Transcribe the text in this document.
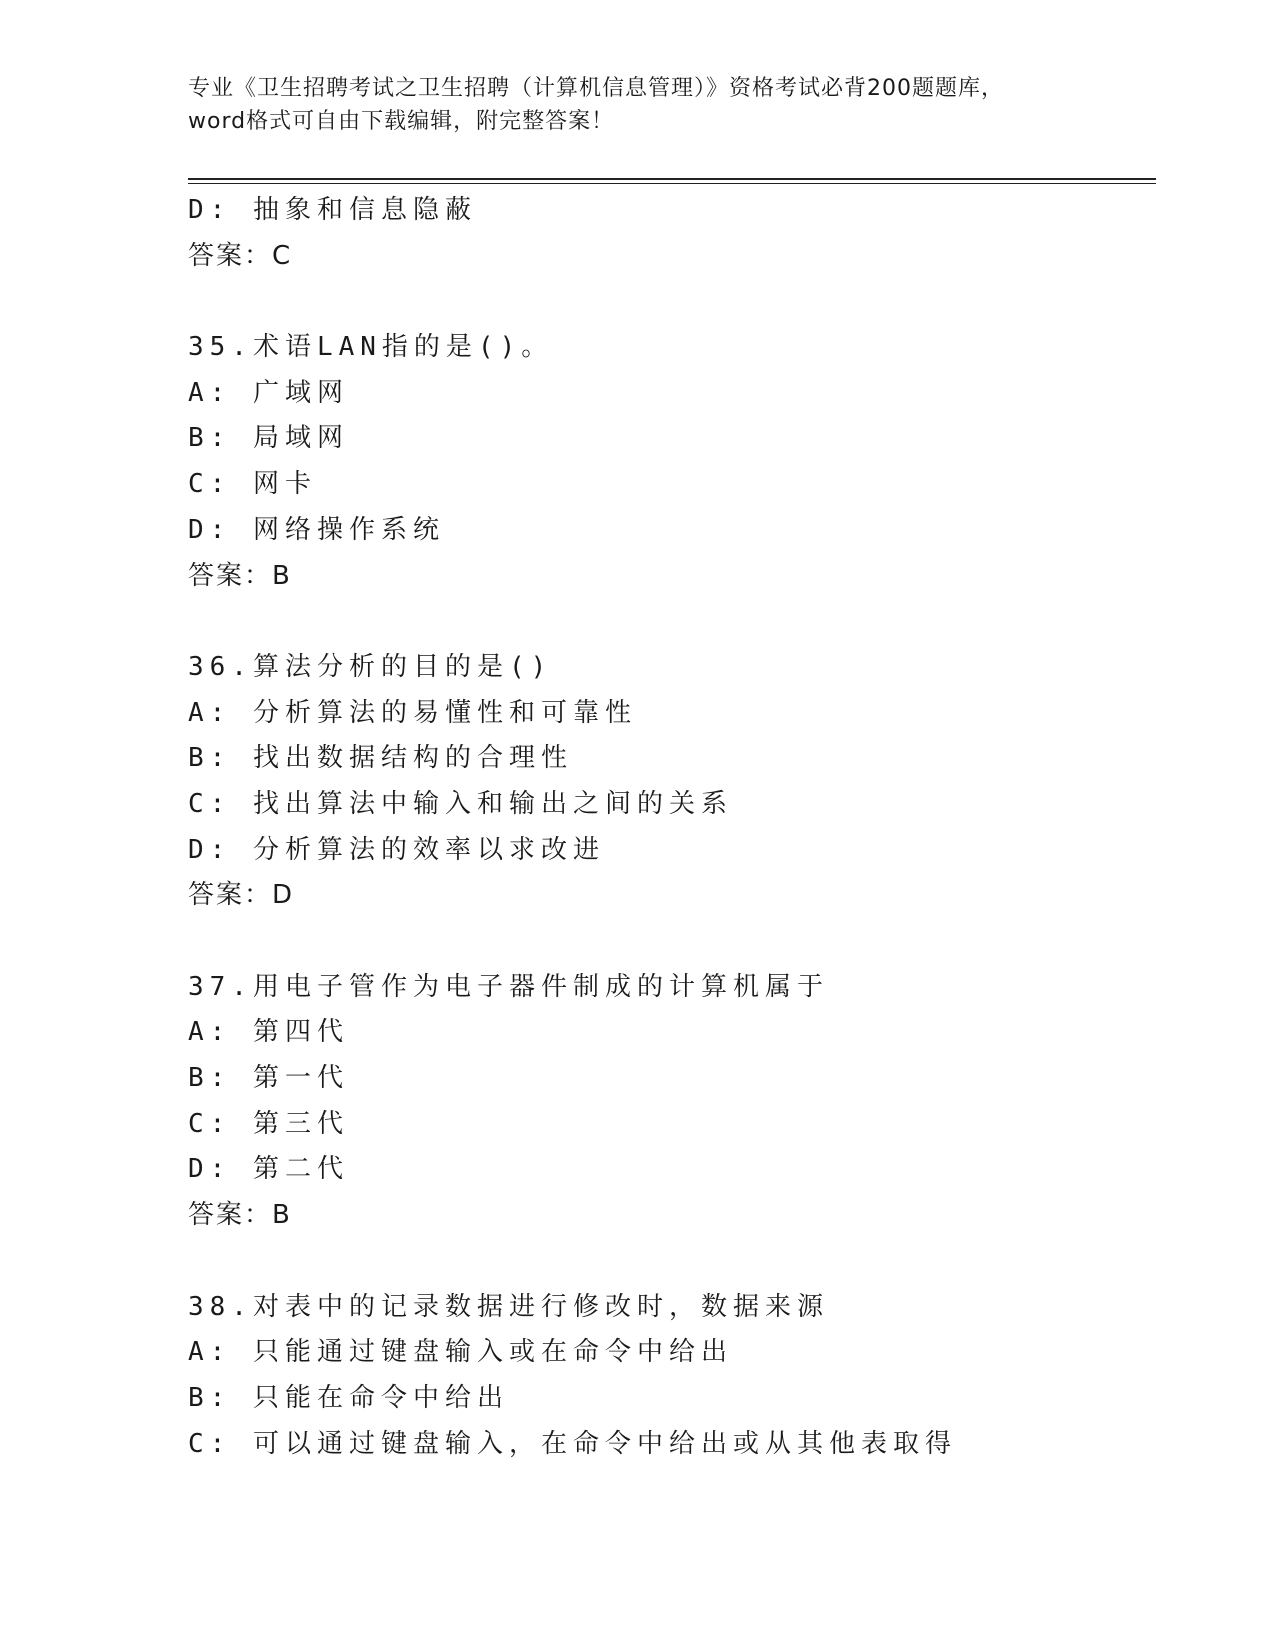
专业《卫生招聘考试之卫生招聘（计算机信息管理）》资格考试必背200题题库，
word格式可自由下载编辑，附完整答案！
D: 抽象和信息隐蔽
答案：C
35.术语LAN指的是()。
A: 广域网
B: 局域网
C: 网卡
D: 网络操作系统
答案：B
36.算法分析的目的是()
A: 分析算法的易懂性和可靠性
B: 找出数据结构的合理性
C: 找出算法中输入和输出之间的关系
D: 分析算法的效率以求改进
答案：D
37.用电子管作为电子器件制成的计算机属于
A: 第四代
B: 第一代
C: 第三代
D: 第二代
答案：B
38.对表中的记录数据进行修改时，数据来源
A: 只能通过键盘输入或在命令中给出
B: 只能在命令中给出
C: 可以通过键盘输入，在命令中给出或从其他表取得
